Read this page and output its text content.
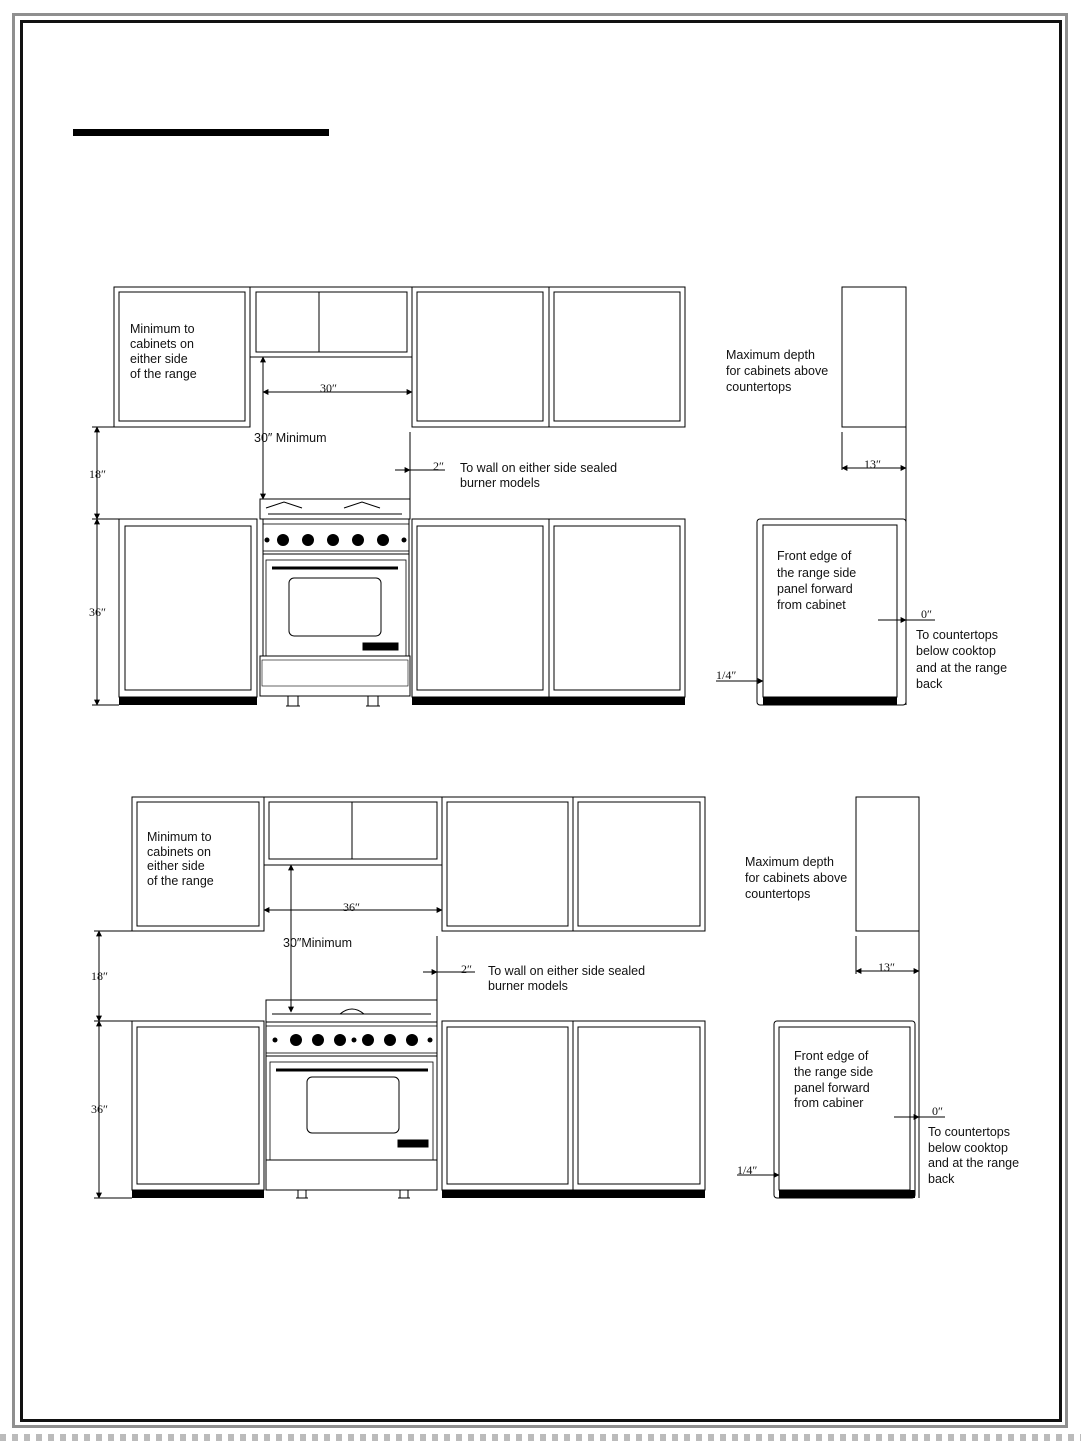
Minimum to cabinets on either side of the range
30″
30″ Minimum
2″ To wall on either side sealed burner models
18″
36″
Maximum depth for cabinets above countertops
13″
Front edge of the range side panel forward from cabinet
0″
To countertops below cooktop and at the range back
1/4″
Minimum to cabinets on either side of the range
36″
30″Minimum
2″ To wall on either side sealed burner models
18″
36″
Maximum depth for cabinets above countertops
13″
Front edge of the range side panel forward from cabiner
0″
To countertops below cooktop and at the range back
1/4″
